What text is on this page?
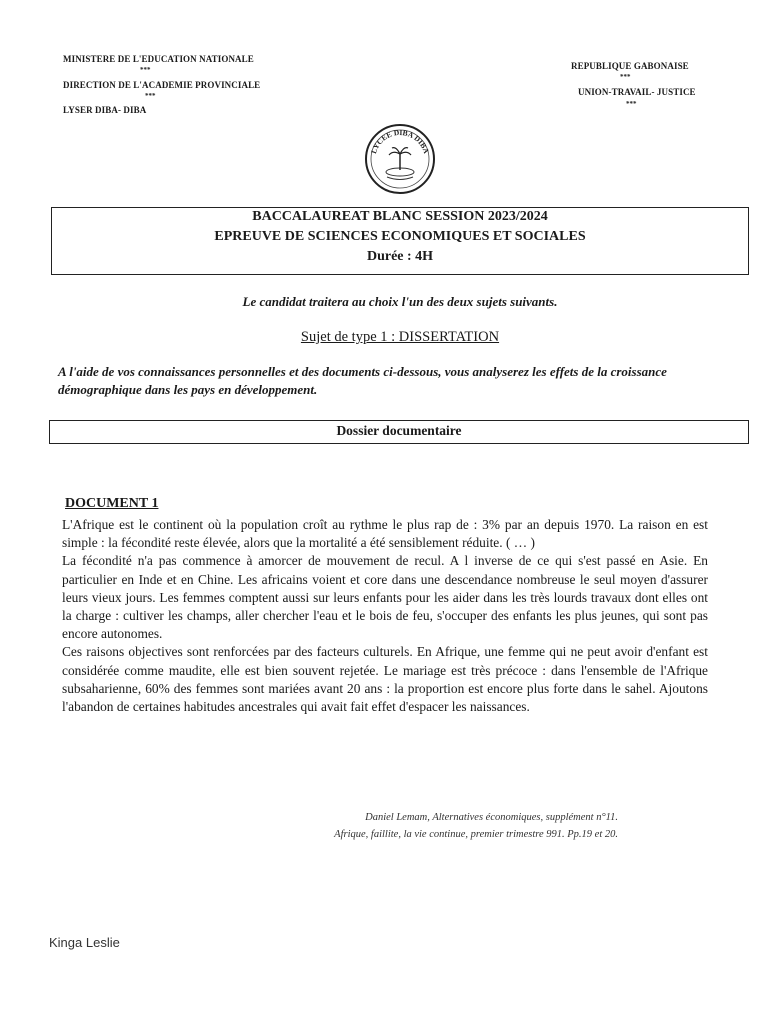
MINISTERE DE L'EDUCATION NATIONALE
***
DIRECTION DE L'ACADEMIE PROVINCIALE
***
LYSER DIBA- DIBA
REPUBLIQUE GABONAISE
***
UNION-TRAVAIL- JUSTICE
***
LYCEE DIBA DIBA
BACCALAUREAT BLANC SESSION 2023/2024
EPREUVE DE SCIENCES ECONOMIQUES ET SOCIALES
Durée : 4H
Le candidat traitera au choix l'un des deux sujets suivants.
Sujet de type 1 : DISSERTATION
A l'aide de vos connaissances personnelles et des documents ci-dessous, vous analyserez les effets de la croissance démographique dans les pays en développement.
Dossier documentaire
DOCUMENT 1

L'Afrique est le continent où la population croît au rythme le plus rap de : 3% par an depuis 1970. La raison en est simple : la fécondité reste élevée, alors que la mortalité a été sensiblement réduite. ( … )

La fécondité n'a pas commence à amorcer de mouvement de recul. A l inverse de ce qui s'est passé en Asie. En particulier en Inde et en Chine. Les africains voient et core dans une descendance nombreuse le seul moyen d'assurer leurs vieux jours. Les femmes comptent aussi sur leurs enfants pour les aider dans les très lourds travaux dont elles ont la charge : cultiver les champs, aller chercher l'eau et le bois de feu, s'occuper des enfants les plus jeunes, qui sont pas encore autonomes.

Ces raisons objectives sont renforcées par des facteurs culturels. En Afrique, une femme qui ne peut avoir d'enfant est considérée comme maudite, elle est bien souvent rejetée. Le mariage est très précoce : dans l'ensemble de l'Afrique subsaharienne, 60% des femmes sont mariées avant 20 ans : la proportion est encore plus forte dans le sahel. Ajoutons l'abandon de certaines habitudes ancestrales qui avait fait effet d'espacer les naissances.

Daniel Lemam, Alternatives économiques, supplément n°11.
Afrique, faillite, la vie continue, premier trimestre 991. Pp.19 et 20.
Kinga Leslie
